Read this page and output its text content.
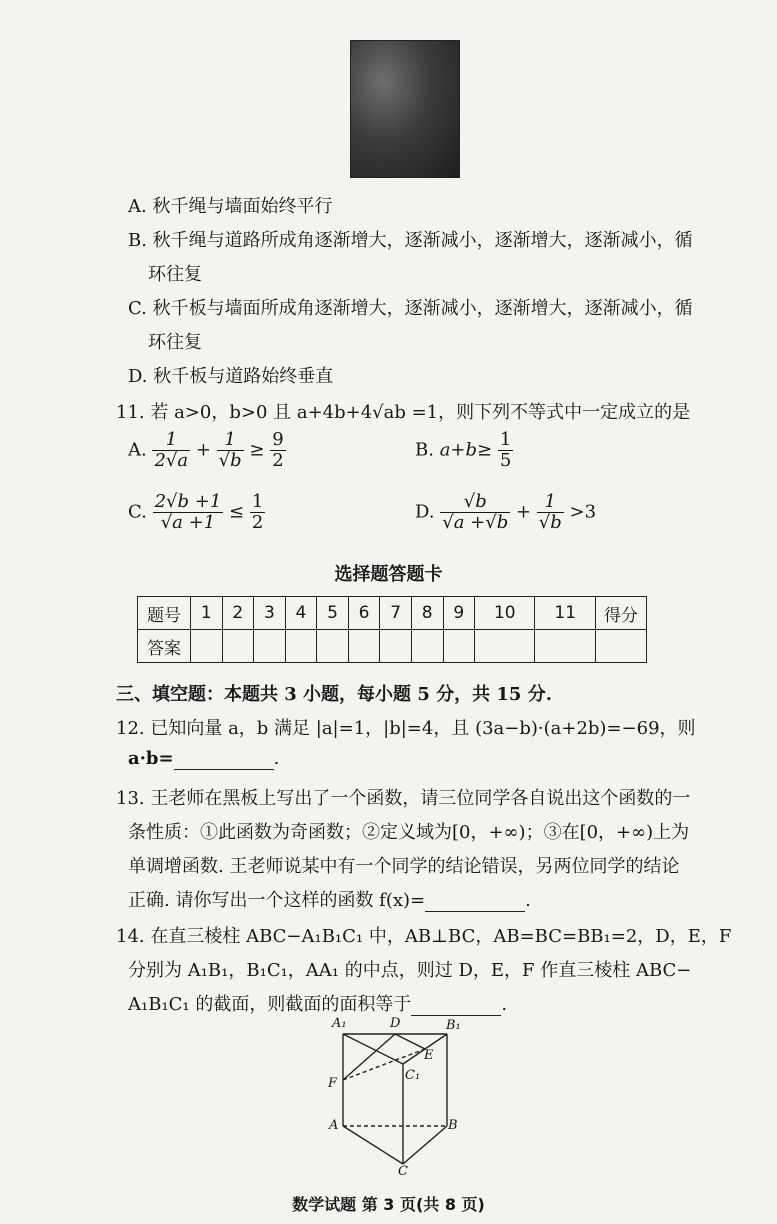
A. 秋千绳与墙面始终平行
B. 秋千绳与道路所成角逐渐增大，逐渐减小，逐渐增大，逐渐减小，循
环往复
C. 秋千板与墙面所成角逐渐增大，逐渐减小，逐渐增大，逐渐减小，循
环往复
D. 秋千板与道路始终垂直
11. 若 a>0，b>0 且 a+4b+4√ab =1，则下列不等式中一定成立的是
A. $\frac{1}{2√a} + \frac{1}{√b} \ge \frac{9}{2}$	B. $a+b\ge \frac{1}{5}$
C. $\frac{2√b +1}{√a +1} \le \frac{1}{2}$	D. $\frac{√b}{√a +√b} + \frac{1}{√b} >3$
选择题答题卡
题号	1	2	3	4	5	6	7	8	9	10	11	得分
答案												
三、填空题：本题共 3 小题，每小题 5 分，共 15 分.
12. 已知向量 a，b 满足 |a|=1，|b|=4，且 (3a−b)·(a+2b)=−69，则
a·b=	.
13. 王老师在黑板上写出了一个函数，请三位同学各自说出这个函数的一
条性质：①此函数为奇函数；②定义域为[0，+∞)；③在[0，+∞)上为
单调增函数. 王老师说某中有一个同学的结论错误，另两位同学的结论
正确. 请你写出一个这样的函数 f(x)=	.
14. 在直三棱柱 ABC−A₁B₁C₁ 中，AB⊥BC，AB=BC=BB₁=2，D，E，F
分别为 A₁B₁，B₁C₁，AA₁ 的中点，则过 D，E，F 作直三棱柱 ABC−
A₁B₁C₁ 的截面，则截面的面积等于	.
A₁	D	B₁
E
C₁
F
A	B
C
数学试题 第 3 页(共 8 页)
